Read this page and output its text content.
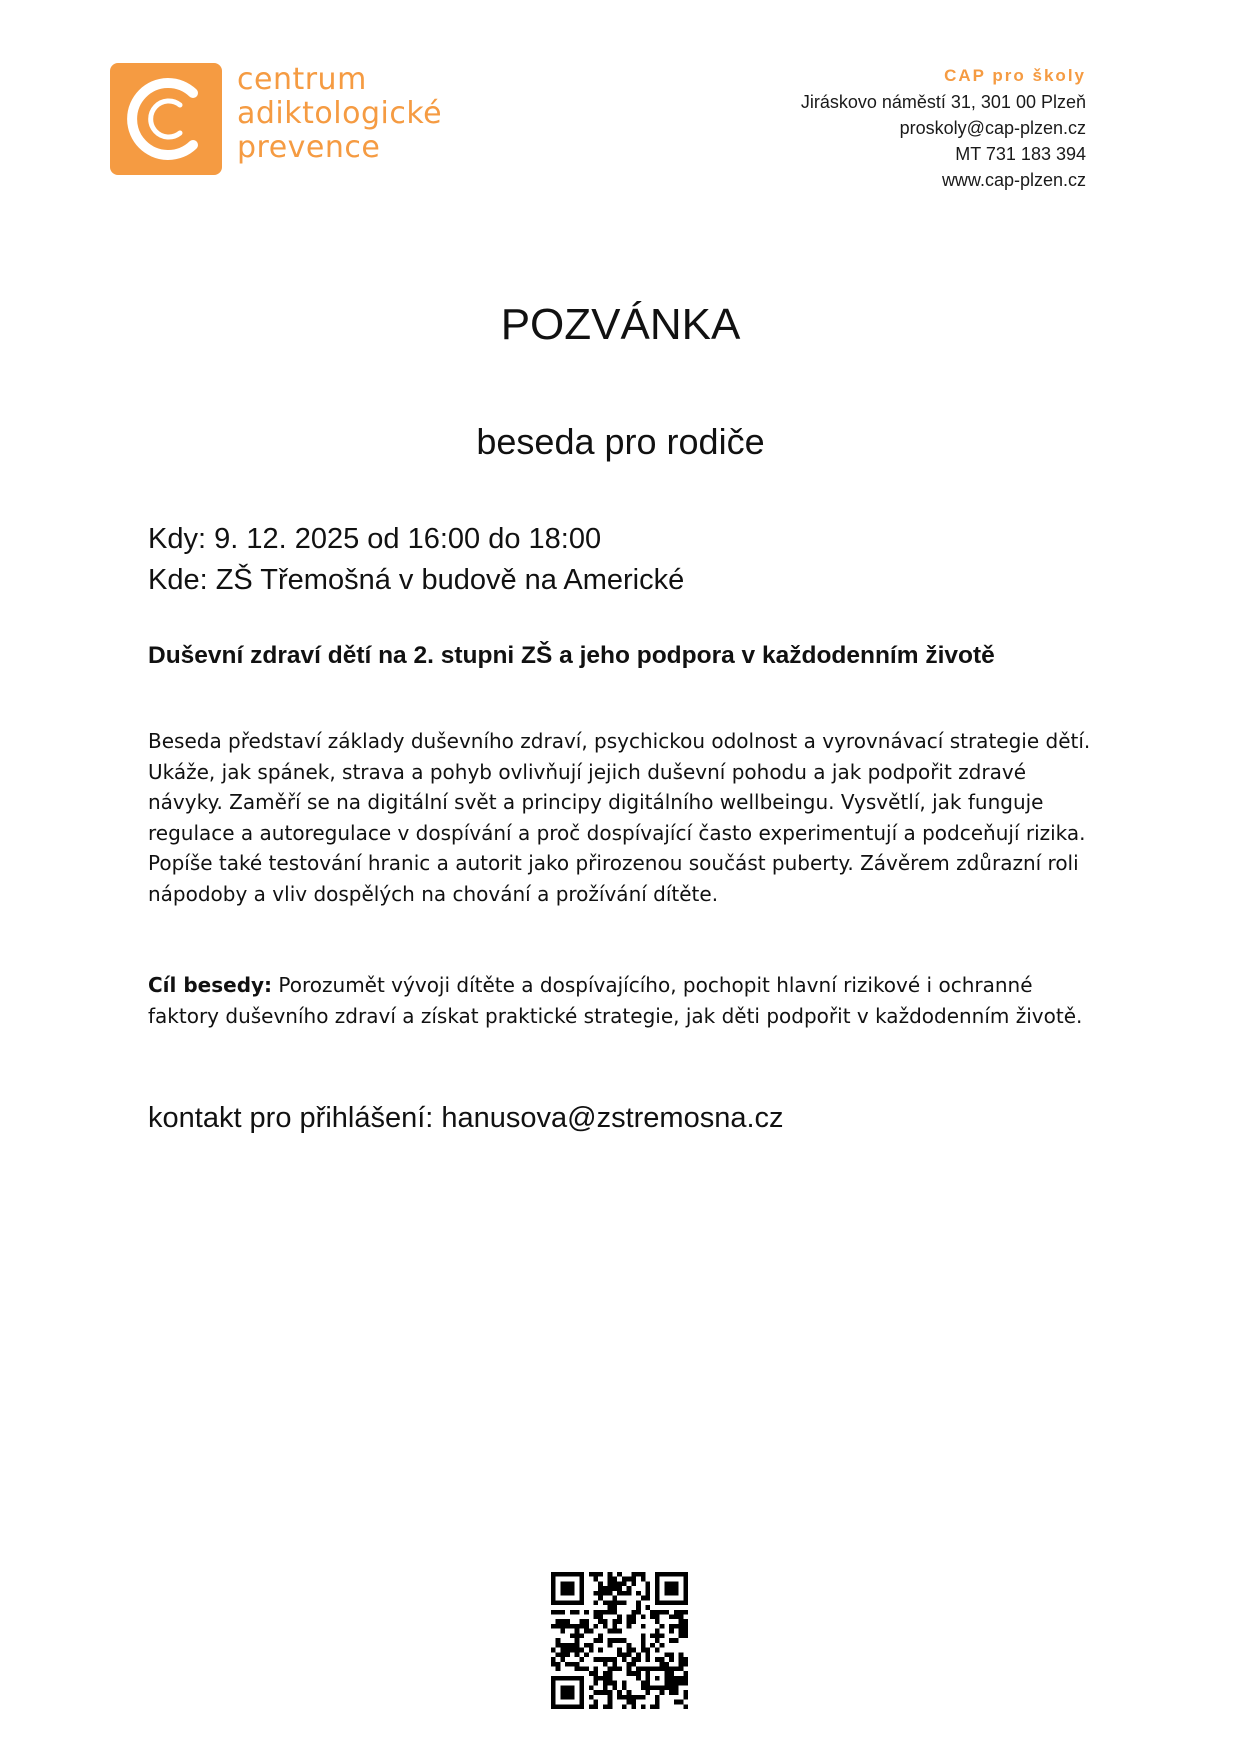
centrum
adiktologické
prevence
CAP pro školy
Jiráskovo náměstí 31, 301 00 Plzeň
proskoly@cap-plzen.cz
MT 731 183 394
www.cap-plzen.cz
POZVÁNKA
beseda pro rodiče
Kdy: 9. 12. 2025 od 16:00 do 18:00
Kde: ZŠ Třemošná v budově na Americké
Duševní zdraví dětí na 2. stupni ZŠ a jeho podpora v každodenním životě
Beseda představí základy duševního zdraví, psychickou odolnost a vyrovnávací strategie dětí. Ukáže, jak spánek, strava a pohyb ovlivňují jejich duševní pohodu a jak podpořit zdravé návyky. Zaměří se na digitální svět a principy digitálního wellbeingu. Vysvětlí, jak funguje regulace a autoregulace v dospívání a proč dospívající často experimentují a podceňují rizika. Popíše také testování hranic a autorit jako přirozenou součást puberty. Závěrem zdůrazní roli nápodoby a vliv dospělých na chování a prožívání dítěte.
Cíl besedy: Porozumět vývoji dítěte a dospívajícího, pochopit hlavní rizikové i ochranné faktory duševního zdraví a získat praktické strategie, jak děti podpořit v každodenním životě.
kontakt pro přihlášení: hanusova@zstremosna.cz
